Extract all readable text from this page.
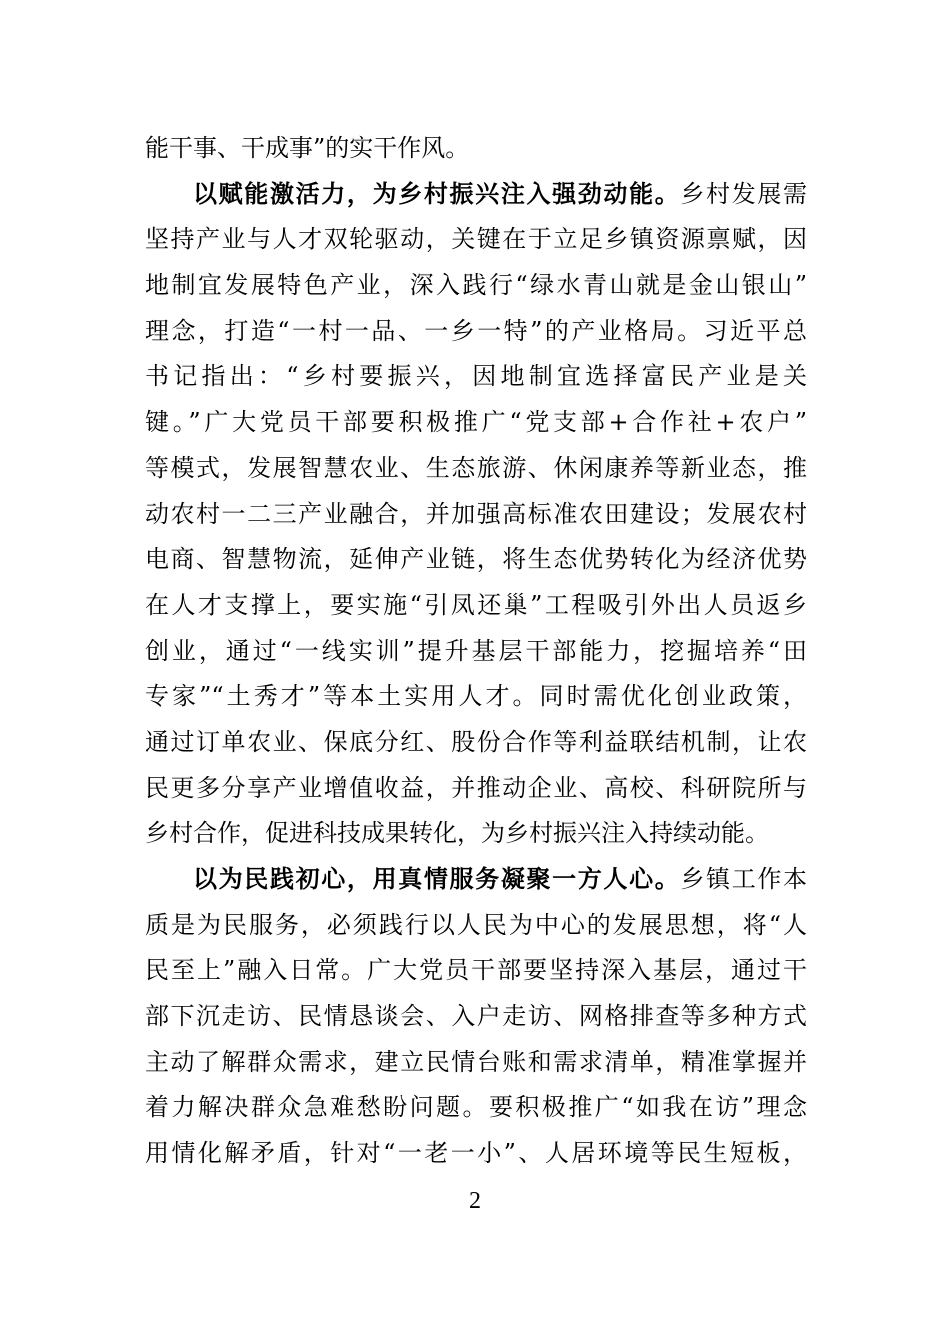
能干事、干成事”的实干作风。
以赋能激活力，为乡村振兴注入强劲动能。乡村发展需
坚持产业与人才双轮驱动，关键在于立足乡镇资源禀赋，因
地制宜发展特色产业，深入践行“绿水青山就是金山银山”
理念，打造“一村一品、一乡一特”的产业格局。习近平总
书记指出：“乡村要振兴，因地制宜选择富民产业是关
键。”广大党员干部要积极推广“党支部+合作社+农户”
等模式，发展智慧农业、生态旅游、休闲康养等新业态，推
动农村一二三产业融合，并加强高标准农田建设；发展农村
电商、智慧物流，延伸产业链，将生态优势转化为经济优势
在人才支撑上，要实施“引凤还巢”工程吸引外出人员返乡
创业，通过“一线实训”提升基层干部能力，挖掘培养“田
专家”“土秀才”等本土实用人才。同时需优化创业政策，
通过订单农业、保底分红、股份合作等利益联结机制，让农
民更多分享产业增值收益，并推动企业、高校、科研院所与
乡村合作，促进科技成果转化，为乡村振兴注入持续动能。
以为民践初心，用真情服务凝聚一方人心。乡镇工作本
质是为民服务，必须践行以人民为中心的发展思想，将“人
民至上”融入日常。广大党员干部要坚持深入基层，通过干
部下沉走访、民情恳谈会、入户走访、网格排查等多种方式
主动了解群众需求，建立民情台账和需求清单，精准掌握并
着力解决群众急难愁盼问题。要积极推广“如我在访”理念
用情化解矛盾，针对“一老一小”、人居环境等民生短板，
2
